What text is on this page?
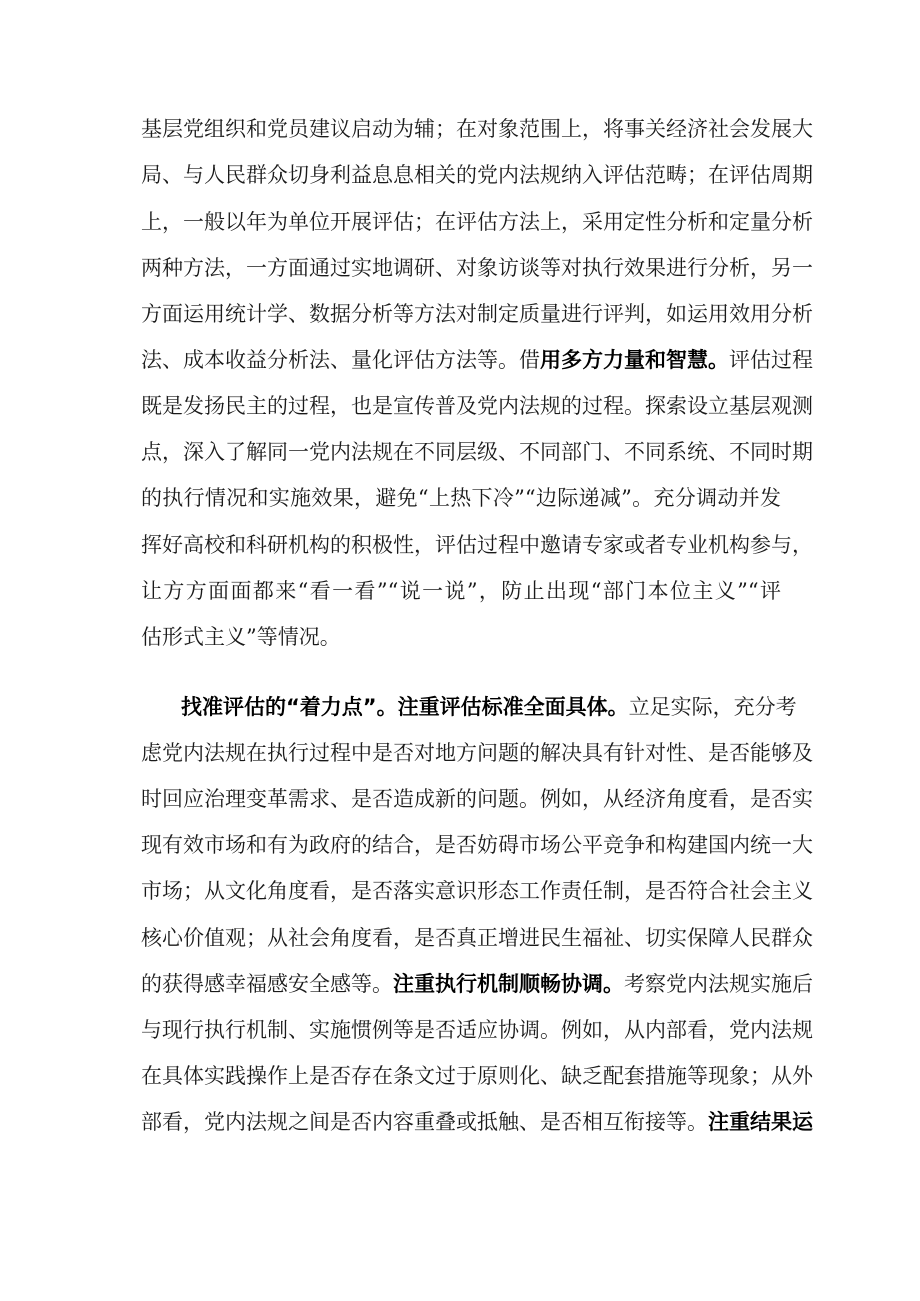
基层党组织和党员建议启动为辅；在对象范围上，将事关经济社会发展大
局、与人民群众切身利益息息相关的党内法规纳入评估范畴；在评估周期
上，一般以年为单位开展评估；在评估方法上，采用定性分析和定量分析
两种方法，一方面通过实地调研、对象访谈等对执行效果进行分析，另一
方面运用统计学、数据分析等方法对制定质量进行评判，如运用效用分析
法、成本收益分析法、量化评估方法等。借用多方力量和智慧。评估过程
既是发扬民主的过程，也是宣传普及党内法规的过程。探索设立基层观测
点，深入了解同一党内法规在不同层级、不同部门、不同系统、不同时期
的执行情况和实施效果，避免“上热下冷”“边际递减”。充分调动并发
挥好高校和科研机构的积极性，评估过程中邀请专家或者专业机构参与，
让方方面面都来“看一看”“说一说”，防止出现“部门本位主义”“评
估形式主义”等情况。
找准评估的“着力点”。注重评估标准全面具体。立足实际，充分考
虑党内法规在执行过程中是否对地方问题的解决具有针对性、是否能够及
时回应治理变革需求、是否造成新的问题。例如，从经济角度看，是否实
现有效市场和有为政府的结合，是否妨碍市场公平竞争和构建国内统一大
市场；从文化角度看，是否落实意识形态工作责任制，是否符合社会主义
核心价值观；从社会角度看，是否真正增进民生福祉、切实保障人民群众
的获得感幸福感安全感等。注重执行机制顺畅协调。考察党内法规实施后
与现行执行机制、实施惯例等是否适应协调。例如，从内部看，党内法规
在具体实践操作上是否存在条文过于原则化、缺乏配套措施等现象；从外
部看，党内法规之间是否内容重叠或抵触、是否相互衔接等。注重结果运
